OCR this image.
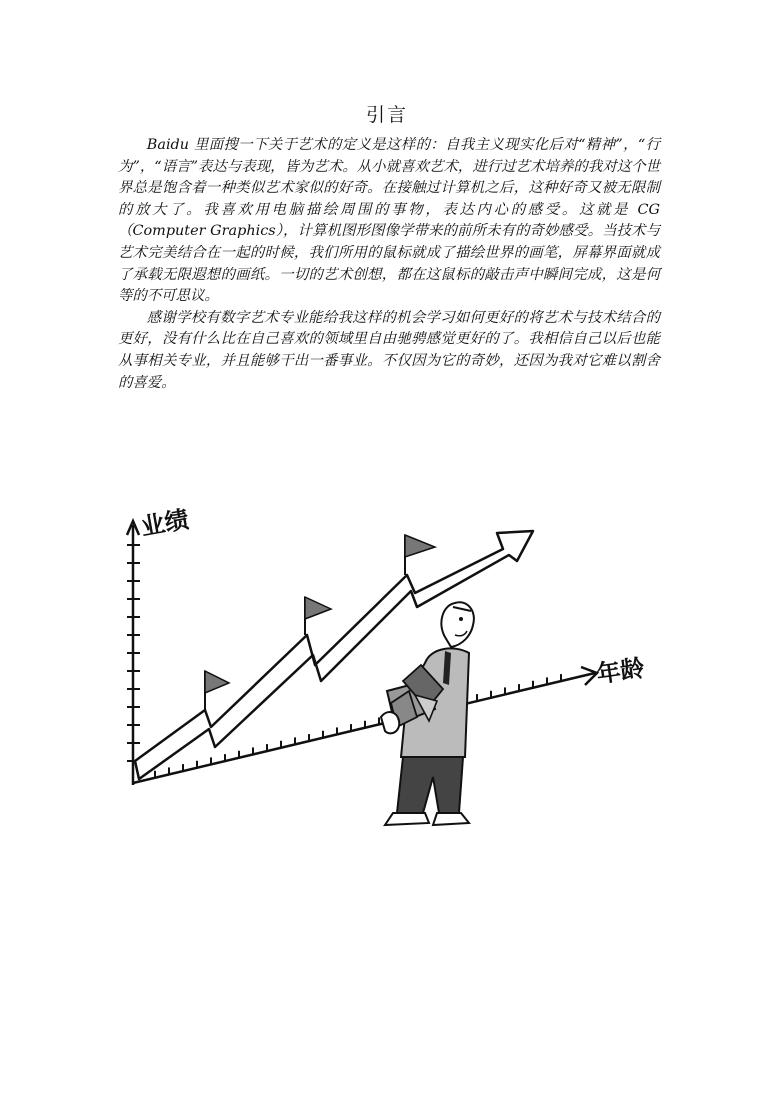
引言

Baidu 里面搜一下关于艺术的定义是这样的：自我主义现实化后对“精神”，“行为”，“语言”表达与表现，皆为艺术。从小就喜欢艺术，进行过艺术培养的我对这个世界总是饱含着一种类似艺术家似的好奇。在接触过计算机之后，这种好奇又被无限制的放大了。我喜欢用电脑描绘周围的事物，表达内心的感受。这就是 CG（Computer Graphics），计算机图形图像学带来的前所未有的奇妙感受。当技术与艺术完美结合在一起的时候，我们所用的鼠标就成了描绘世界的画笔，屏幕界面就成了承载无限遐想的画纸。一切的艺术创想，都在这鼠标的敲击声中瞬间完成，这是何等的不可思议。

感谢学校有数字艺术专业能给我这样的机会学习如何更好的将艺术与技术结合的更好，没有什么比在自己喜欢的领域里自由驰骋感觉更好的了。我相信自己以后也能从事相关专业，并且能够干出一番事业。不仅因为它的奇妙，还因为我对它难以割舍的喜爱。

业绩
年龄
